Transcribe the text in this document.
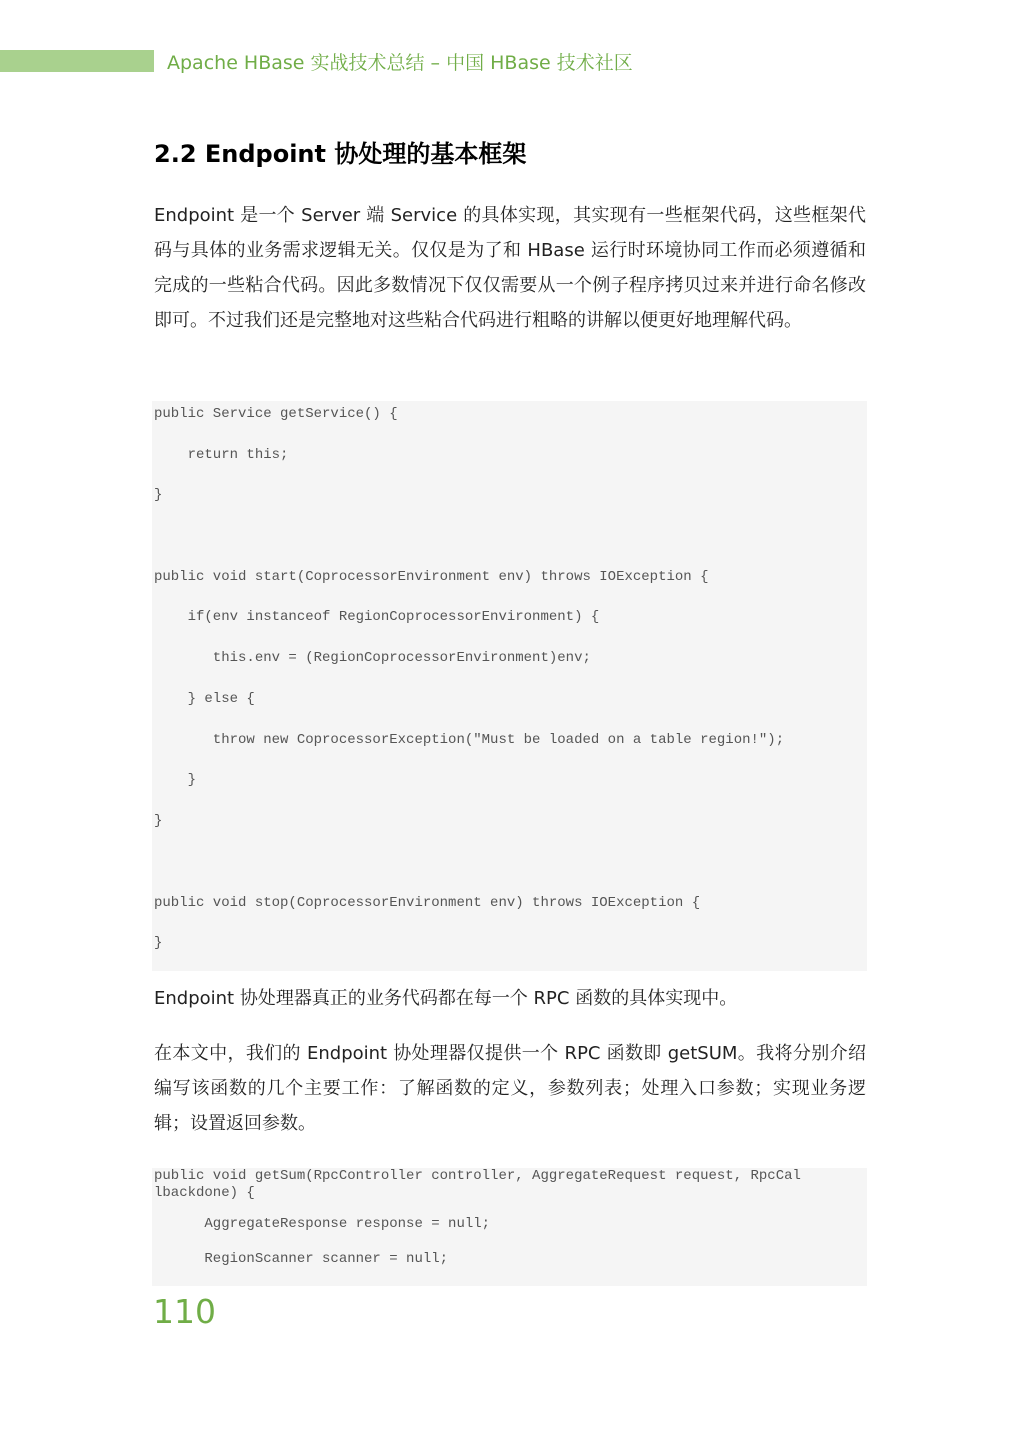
Apache HBase 实战技术总结 – 中国 HBase 技术社区
2.2 Endpoint 协处理的基本框架

Endpoint 是一个 Server 端 Service 的具体实现，其实现有一些框架代码，这些框架代码与具体的业务需求逻辑无关。仅仅是为了和 HBase 运行时环境协同工作而必须遵循和完成的一些粘合代码。因此多数情况下仅仅需要从一个例子程序拷贝过来并进行命名修改即可。不过我们还是完整地对这些粘合代码进行粗略的讲解以便更好地理解代码。

public Service getService() {
return this;
}
public void start(CoprocessorEnvironment env) throws IOException {
if(env instanceof RegionCoprocessorEnvironment) {
this.env = (RegionCoprocessorEnvironment)env;
} else {
throw new CoprocessorException("Must be loaded on a table region!");
}
}
public void stop(CoprocessorEnvironment env) throws IOException {
}

Endpoint 协处理器真正的业务代码都在每一个 RPC 函数的具体实现中。

在本文中，我们的 Endpoint 协处理器仅提供一个 RPC 函数即 getSUM。我将分别介绍编写该函数的几个主要工作：了解函数的定义，参数列表；处理入口参数；实现业务逻辑；设置返回参数。

public void getSum(RpcController controller, AggregateRequest request, RpcCal
lbackdone) {
AggregateResponse response = null;
RegionScanner scanner = null;
110
